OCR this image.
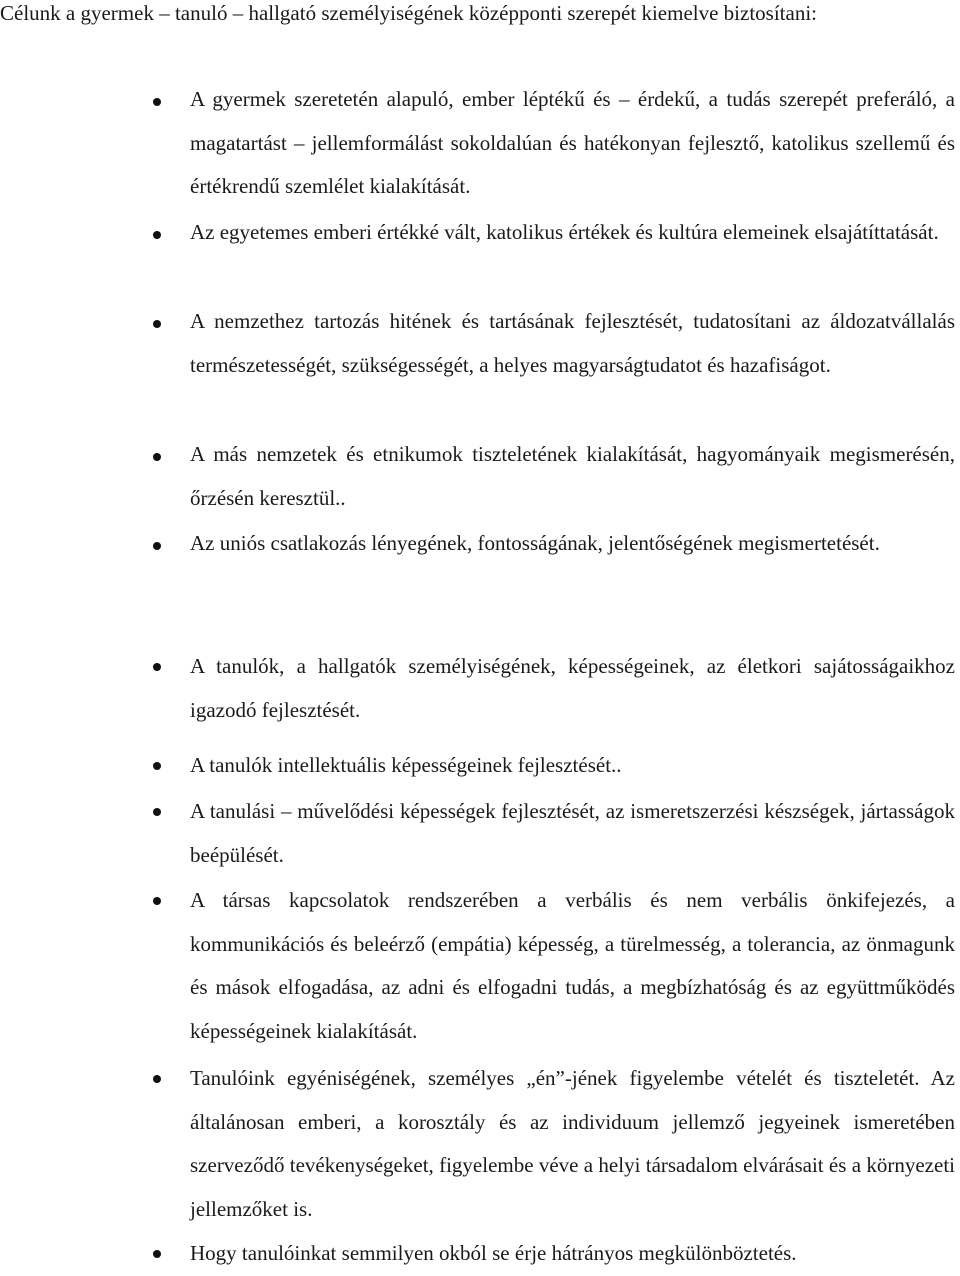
Célunk a gyermek – tanuló – hallgató személyiségének középponti szerepét kiemelve biztosítani:

A gyermek szeretetén alapuló, ember léptékű és – érdekű, a tudás szerepét preferáló, a magatartást – jellemformálást sokoldalúan és hatékonyan fejlesztő, katolikus szellemű és értékrendű szemlélet kialakítását.
Az egyetemes emberi értékké vált, katolikus értékek és kultúra elemeinek elsajátíttatását.
A nemzethez tartozás hitének és tartásának fejlesztését, tudatosítani az áldozatvállalás természetességét, szükségességét, a helyes magyarságtudatot és hazafiságot.
A más nemzetek és etnikumok tiszteletének kialakítását, hagyományaik megismerésén, őrzésén keresztül..
Az uniós csatlakozás lényegének, fontosságának, jelentőségének megismertetését.
A tanulók, a hallgatók személyiségének, képességeinek, az életkori sajátosságaikhoz igazodó fejlesztését.
A tanulók intellektuális képességeinek fejlesztését..
A tanulási – művelődési képességek fejlesztését, az ismeretszerzési készségek, jártasságok beépülését.
A társas kapcsolatok rendszerében a verbális és nem verbális önkifejezés, a kommunikációs és beleérző (empátia) képesség, a türelmesség, a tolerancia, az önmagunk és mások elfogadása, az adni és elfogadni tudás, a megbízhatóság és az együttműködés képességeinek kialakítását.
Tanulóink egyéniségének, személyes „én”-jének figyelembe vételét és tiszteletét. Az általánosan emberi, a korosztály és az individuum jellemző jegyeinek ismeretében szerveződő tevékenységeket, figyelembe véve a helyi társadalom elvárásait és a környezeti jellemzőket is.
Hogy tanulóinkat semmilyen okból se érje hátrányos megkülönböztetés.
